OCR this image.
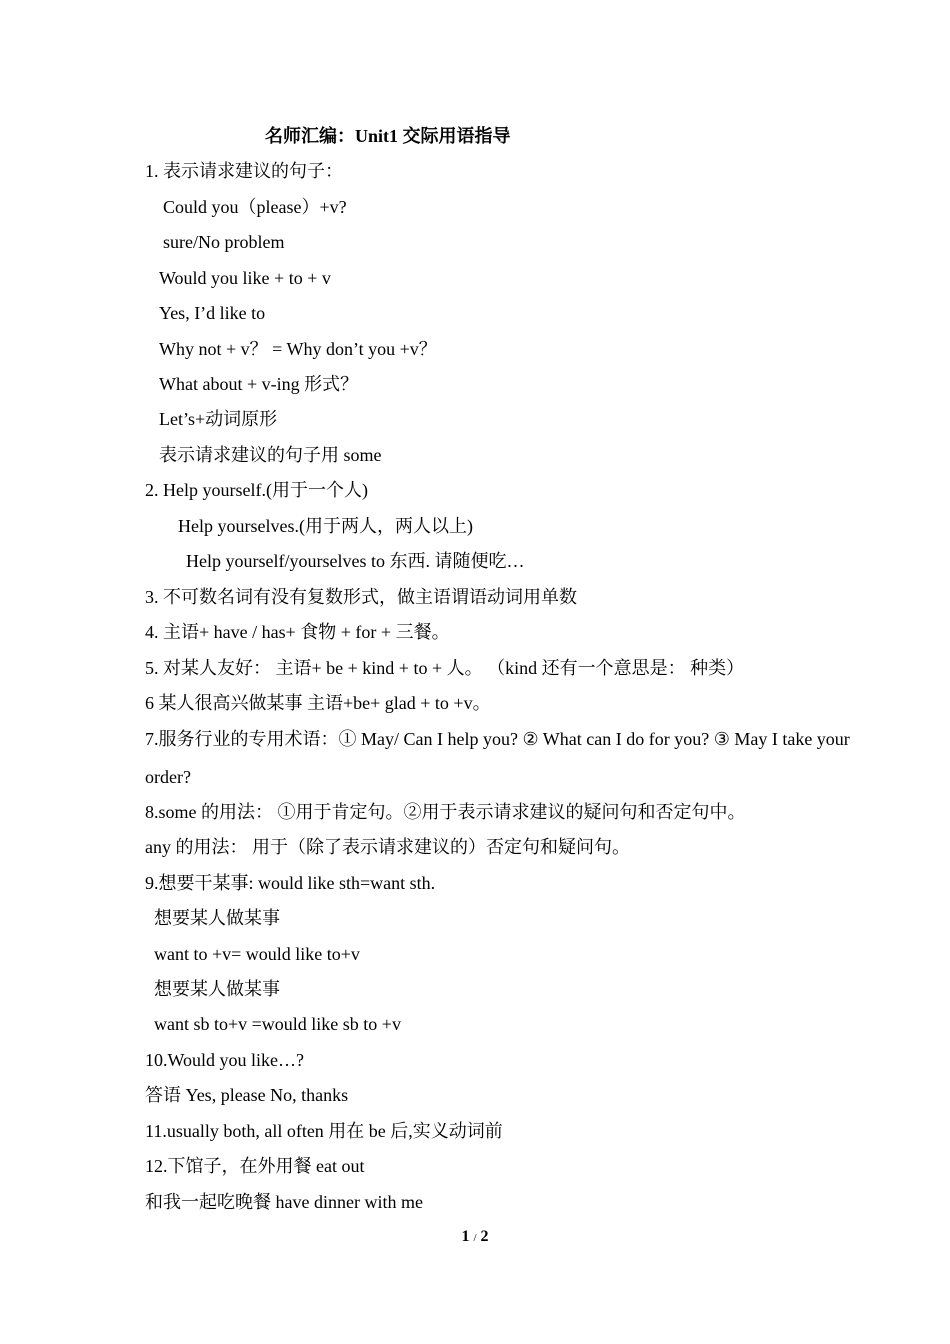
名师汇编：Unit1 交际用语指导
1. 表示请求建议的句子：
Could you（please）+v?
sure/No problem
Would you like + to + v
Yes, I’d like to
Why not + v？ = Why don’t you +v？
What about + v-ing 形式？
Let’s+动词原形
表示请求建议的句子用 some
2. Help yourself.(用于一个人)
Help yourselves.(用于两人，两人以上)
Help yourself/yourselves to 东西. 请随便吃…
3. 不可数名词有没有复数形式，做主语谓语动词用单数
4. 主语+ have / has+ 食物 + for + 三餐。
5. 对某人友好： 主语+ be + kind + to + 人。 （kind 还有一个意思是： 种类）
6 某人很高兴做某事 主语+be+ glad + to +v。
7.服务行业的专用术语：① May/ Can I help you? ② What can I do for you? ③ May I take your
order?
8.some 的用法： ①用于肯定句。②用于表示请求建议的疑问句和否定句中。
any 的用法： 用于（除了表示请求建议的）否定句和疑问句。
9.想要干某事: would like sth=want sth.
想要某人做某事
want to +v= would like to+v
想要某人做某事
want sb to+v =would like sb to +v
10.Would you like…?
答语 Yes, please No, thanks
11.usually both, all often 用在 be 后,实义动词前
12.下馆子，在外用餐 eat out
和我一起吃晚餐 have dinner with me
1 / 2
